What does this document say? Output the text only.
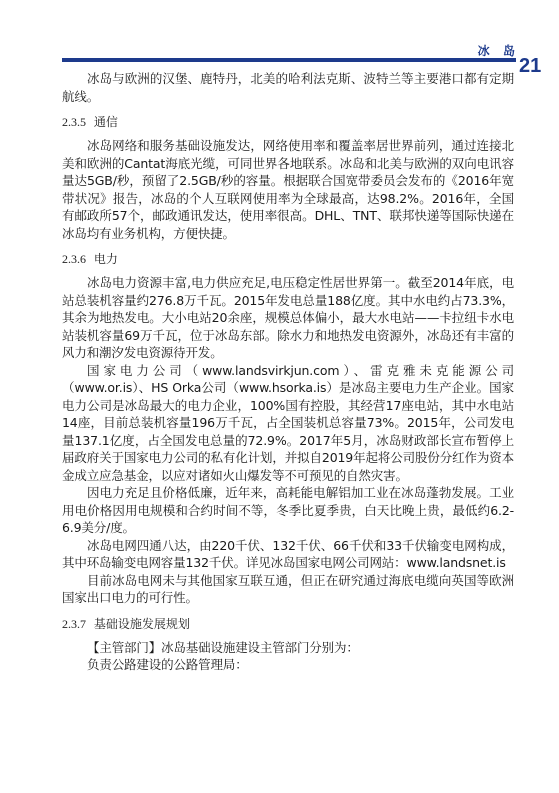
冰 岛
21

冰岛与欧洲的汉堡、鹿特丹，北美的哈利法克斯、波特兰等主要港口都有定期航线。

2.3.5 通信

冰岛网络和服务基础设施发达，网络使用率和覆盖率居世界前列，通过连接北美和欧洲的Cantat海底光缆，可同世界各地联系。冰岛和北美与欧洲的双向电讯容量达5GB/秒，预留了2.5GB/秒的容量。根据联合国宽带委员会发布的《2016年宽带状况》报告，冰岛的个人互联网使用率为全球最高，达98.2%。2016年，全国有邮政所57个，邮政通讯发达，使用率很高。DHL、TNT、联邦快递等国际快递在冰岛均有业务机构，方便快捷。

2.3.6 电力

冰岛电力资源丰富,电力供应充足,电压稳定性居世界第一。截至2014年底，电站总装机容量约276.8万千瓦。2015年发电总量188亿度。其中水电约占73.3%，其余为地热发电。大小电站20余座，规模总体偏小，最大水电站——卡拉纽卡水电站装机容量69万千瓦，位于冰岛东部。除水力和地热发电资源外，冰岛还有丰富的风力和潮汐发电资源待开发。

国家电力公司（www.landsvirkjun.com）、雷克雅未克能源公司（www.or.is）、HS Orka公司（www.hsorka.is）是冰岛主要电力生产企业。国家电力公司是冰岛最大的电力企业，100%国有控股，其经营17座电站，其中水电站14座，目前总装机容量196万千瓦，占全国装机总容量73%。2015年，公司发电量137.1亿度，占全国发电总量的72.9%。2017年5月，冰岛财政部长宣布暂停上届政府关于国家电力公司的私有化计划，并拟自2019年起将公司股份分红作为资本金成立应急基金，以应对诸如火山爆发等不可预见的自然灾害。

因电力充足且价格低廉，近年来，高耗能电解铝加工业在冰岛蓬勃发展。工业用电价格因用电规模和合约时间不等，冬季比夏季贵，白天比晚上贵，最低约6.2-6.9美分/度。

冰岛电网四通八达，由220千伏、132千伏、66千伏和33千伏输变电网构成，其中环岛输变电网容量132千伏。详见冰岛国家电网公司网站：www.landsnet.is

目前冰岛电网未与其他国家互联互通，但正在研究通过海底电缆向英国等欧洲国家出口电力的可行性。

2.3.7 基础设施发展规划

【主管部门】冰岛基础设施建设主管部门分别为：

负责公路建设的公路管理局：
